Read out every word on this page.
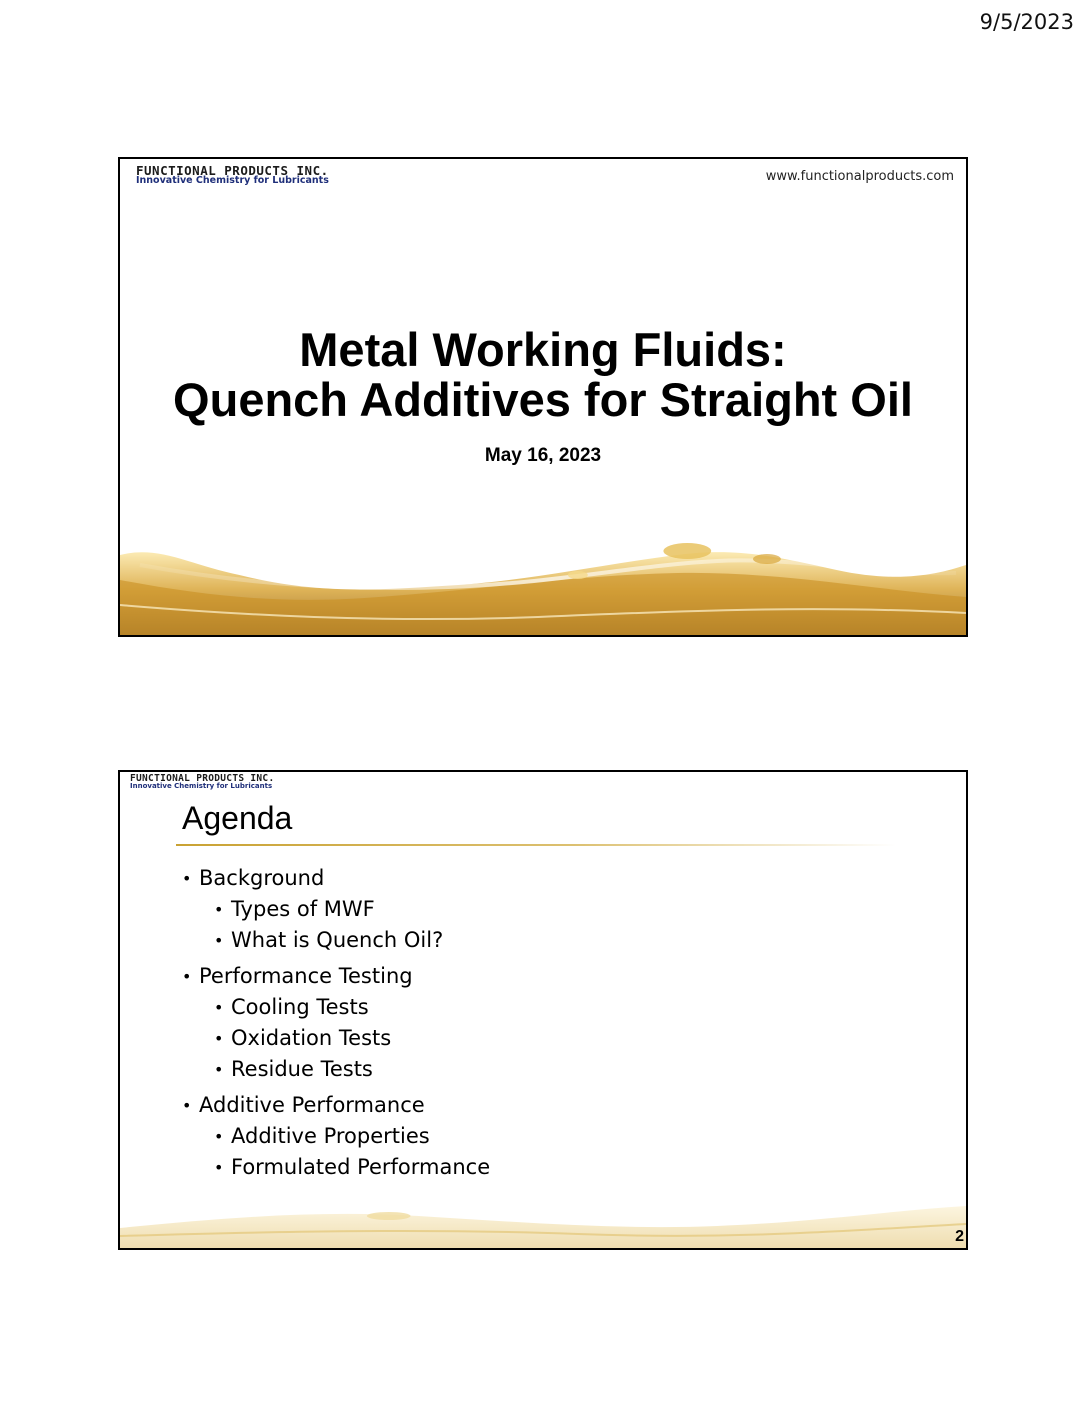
9/5/2023
FUNCTIONAL PRODUCTS INC.
Innovative Chemistry for Lubricants	www.functionalproducts.com
Metal Working Fluids:
Quench Additives for Straight Oil
May 16, 2023
FUNCTIONAL PRODUCTS INC.
Innovative Chemistry for Lubricants
Agenda
• Background
• Types of MWF
• What is Quench Oil?
• Performance Testing
• Cooling Tests
• Oxidation Tests
• Residue Tests
• Additive Performance
• Additive Properties
• Formulated Performance
2
